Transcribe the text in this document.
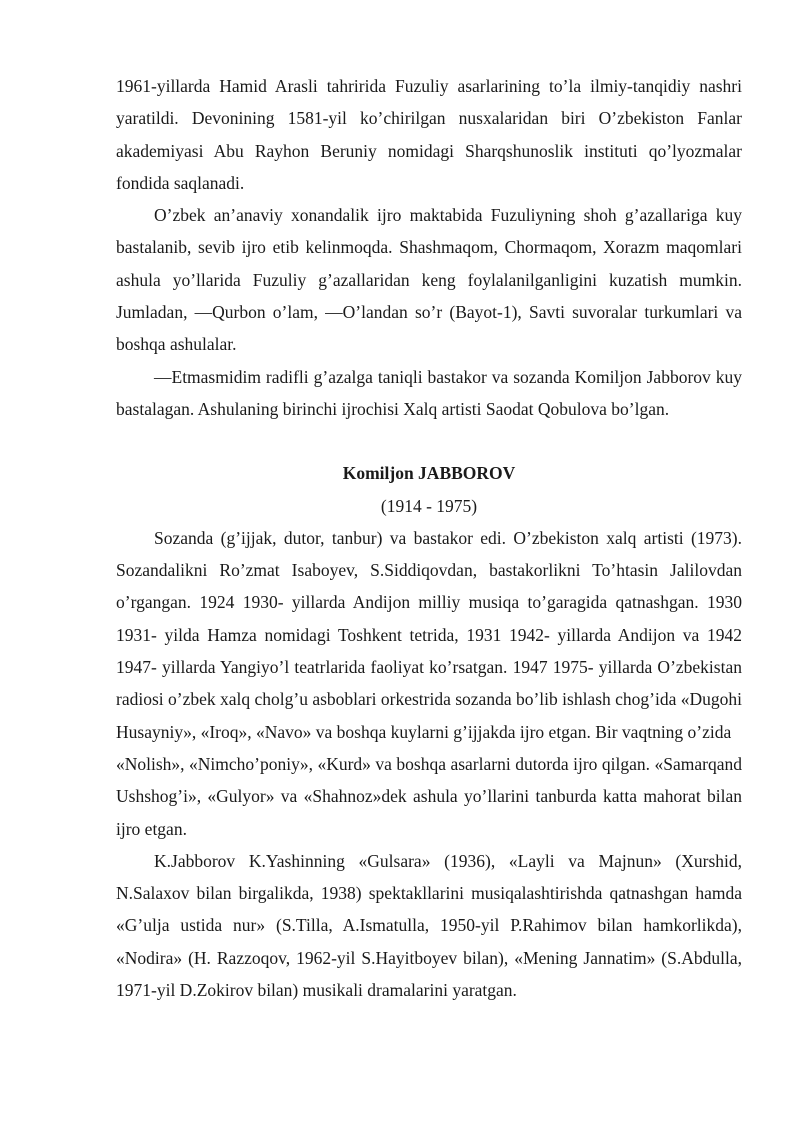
1961-yillarda Hamid Arasli tahririda Fuzuliy asarlarining to’la ilmiy-tanqidiy nashri yaratildi. Devonining 1581-yil ko’chirilgan nusxalaridan biri O’zbekiston Fanlar akademiyasi Abu Rayhon Beruniy nomidagi Sharqshunoslik instituti qo’lyozmalar fondida saqlanadi.

O’zbek an’anaviy xonandalik ijro maktabida Fuzuliyning shoh g’azallariga kuy bastalanib, sevib ijro etib kelinmoqda. Shashmaqom, Chormaqom, Xorazm maqomlari ashula yo’llarida Fuzuliy g’azallaridan keng foylalanilganligini kuzatish mumkin. Jumladan, ―Qurbon o’lam, ―O’landan so’r (Bayot-1), Savti suvoralar turkumlari va boshqa ashulalar.

―Etmasmidim radifli g’azalga taniqli bastakor va sozanda Komiljon Jabborov kuy bastalagan. Ashulaning birinchi ijrochisi Xalq artisti Saodat Qobulova bo’lgan.

Komiljon JABBOROV

(1914 - 1975)

Sozanda (g’ijjak, dutor, tanbur) va bastakor edi. O’zbekiston xalq artisti (1973). Sozandalikni Ro’zmat Isaboyev, S.Siddiqovdan, bastakorlikni To’htasin Jalilovdan o’rgangan. 1924 1930- yillarda Andijon milliy musiqa to’garagida qatnashgan. 1930 1931- yilda Hamza nomidagi Toshkent tetrida, 1931 1942- yillarda Andijon va 1942 1947- yillarda Yangiyo’l teatrlarida faoliyat ko’rsatgan. 1947 1975- yillarda O’zbekistan radiosi o’zbek xalq cholg’u asboblari orkestrida sozanda bo’lib ishlash chog’ida «Dugohi Husayniy», «Iroq», «Navo» va boshqa kuylarni g’ijjakda ijro etgan. Bir vaqtning o’zida

«Nolish», «Nimcho’poniy», «Kurd» va boshqa asarlarni dutorda ijro qilgan. «Samarqand Ushshog’i», «Gulyor» va «Shahnoz»dek ashula yo’llarini tanburda katta mahorat bilan ijro etgan.

K.Jabborov K.Yashinning «Gulsara» (1936), «Layli va Majnun» (Xurshid, N.Salaxov bilan birgalikda, 1938) spektakllarini musiqalashtirishda qatnashgan hamda «G’ulja ustida nur» (S.Tilla, A.Ismatulla, 1950-yil P.Rahimov bilan hamkorlikda), «Nodira» (H. Razzoqov, 1962-yil S.Hayitboyev bilan), «Mening Jannatim» (S.Abdulla, 1971-yil D.Zokirov bilan) musikali dramalarini yaratgan.
